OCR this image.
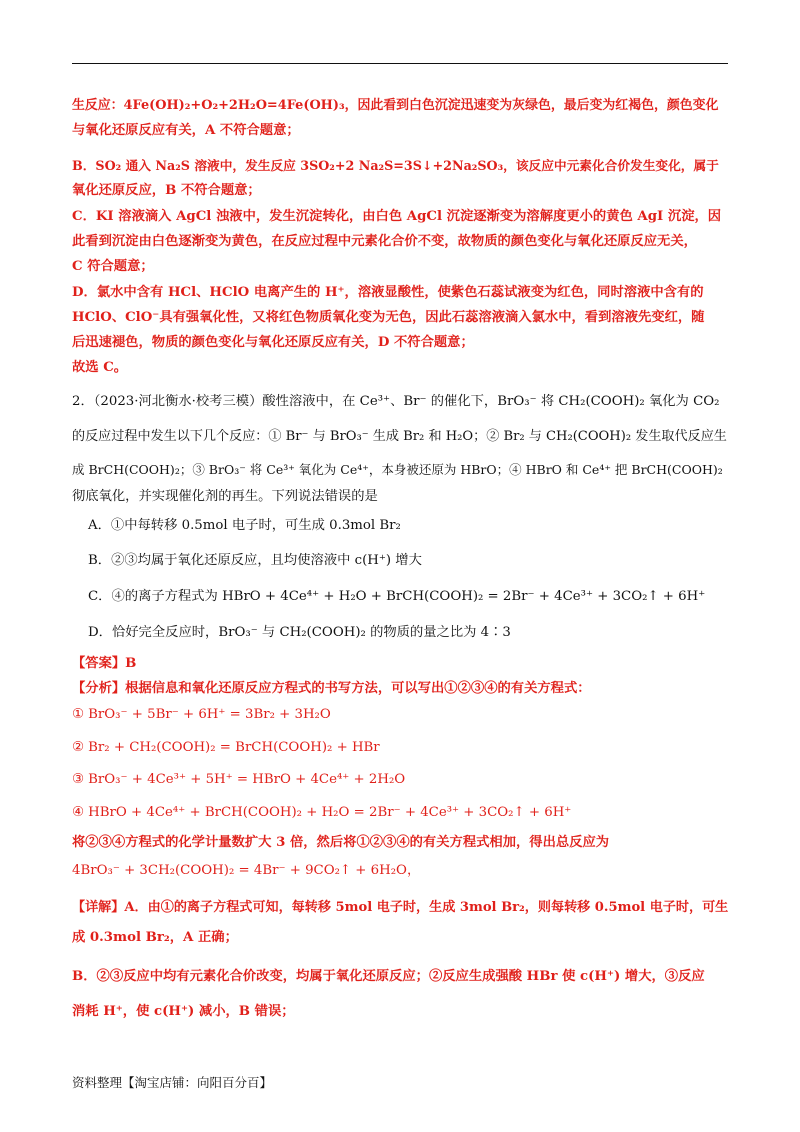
生反应：4Fe(OH)₂+O₂+2H₂O=4Fe(OH)₃，因此看到白色沉淀迅速变为灰绿色，最后变为红褐色，颜色变化
与氧化还原反应有关，A 不符合题意；
B．SO₂ 通入 Na₂S 溶液中，发生反应 3SO₂+2 Na₂S=3S↓+2Na₂SO₃，该反应中元素化合价发生变化，属于
氧化还原反应，B 不符合题意；
C．KI 溶液滴入 AgCl 浊液中，发生沉淀转化，由白色 AgCl 沉淀逐渐变为溶解度更小的黄色 AgI 沉淀，因
此看到沉淀由白色逐渐变为黄色，在反应过程中元素化合价不变，故物质的颜色变化与氧化还原反应无关，
C 符合题意；
D．氯水中含有 HCl、HClO 电离产生的 H⁺，溶液显酸性，使紫色石蕊试液变为红色，同时溶液中含有的
HClO、ClO⁻具有强氧化性，又将红色物质氧化变为无色，因此石蕊溶液滴入氯水中，看到溶液先变红，随
后迅速褪色，物质的颜色变化与氧化还原反应有关，D 不符合题意；
故选 C。
2．（2023·河北衡水·校考三模）酸性溶液中，在 Ce³⁺、Br⁻ 的催化下，BrO₃⁻ 将 CH₂(COOH)₂ 氧化为 CO₂
的反应过程中发生以下几个反应：① Br⁻ 与 BrO₃⁻ 生成 Br₂ 和 H₂O；② Br₂ 与 CH₂(COOH)₂ 发生取代反应生
成 BrCH(COOH)₂；③ BrO₃⁻ 将 Ce³⁺ 氧化为 Ce⁴⁺，本身被还原为 HBrO；④ HBrO 和 Ce⁴⁺ 把 BrCH(COOH)₂
彻底氧化，并实现催化剂的再生。下列说法错误的是
A．①中每转移 0.5mol 电子时，可生成 0.3mol Br₂
B．②③均属于氧化还原反应，且均使溶液中 c(H⁺) 增大
C．④的离子方程式为 HBrO + 4Ce⁴⁺ + H₂O + BrCH(COOH)₂ = 2Br⁻ + 4Ce³⁺ + 3CO₂↑ + 6H⁺
D．恰好完全反应时，BrO₃⁻ 与 CH₂(COOH)₂ 的物质的量之比为 4∶3
【答案】B
【分析】根据信息和氧化还原反应方程式的书写方法，可以写出①②③④的有关方程式：
① BrO₃⁻ + 5Br⁻ + 6H⁺ = 3Br₂ + 3H₂O
② Br₂ + CH₂(COOH)₂ = BrCH(COOH)₂ + HBr
③ BrO₃⁻ + 4Ce³⁺ + 5H⁺ = HBrO + 4Ce⁴⁺ + 2H₂O
④ HBrO + 4Ce⁴⁺ + BrCH(COOH)₂ + H₂O = 2Br⁻ + 4Ce³⁺ + 3CO₂↑ + 6H⁺
将②③④方程式的化学计量数扩大 3 倍，然后将①②③④的有关方程式相加，得出总反应为
4BrO₃⁻ + 3CH₂(COOH)₂ = 4Br⁻ + 9CO₂↑ + 6H₂O，
【详解】A．由①的离子方程式可知，每转移 5mol 电子时，生成 3mol Br₂，则每转移 0.5mol 电子时，可生
成 0.3mol Br₂，A 正确；
B．②③反应中均有元素化合价改变，均属于氧化还原反应；②反应生成强酸 HBr 使 c(H⁺) 增大，③反应
消耗 H⁺，使 c(H⁺) 减小，B 错误；
资料整理【淘宝店铺：向阳百分百】
